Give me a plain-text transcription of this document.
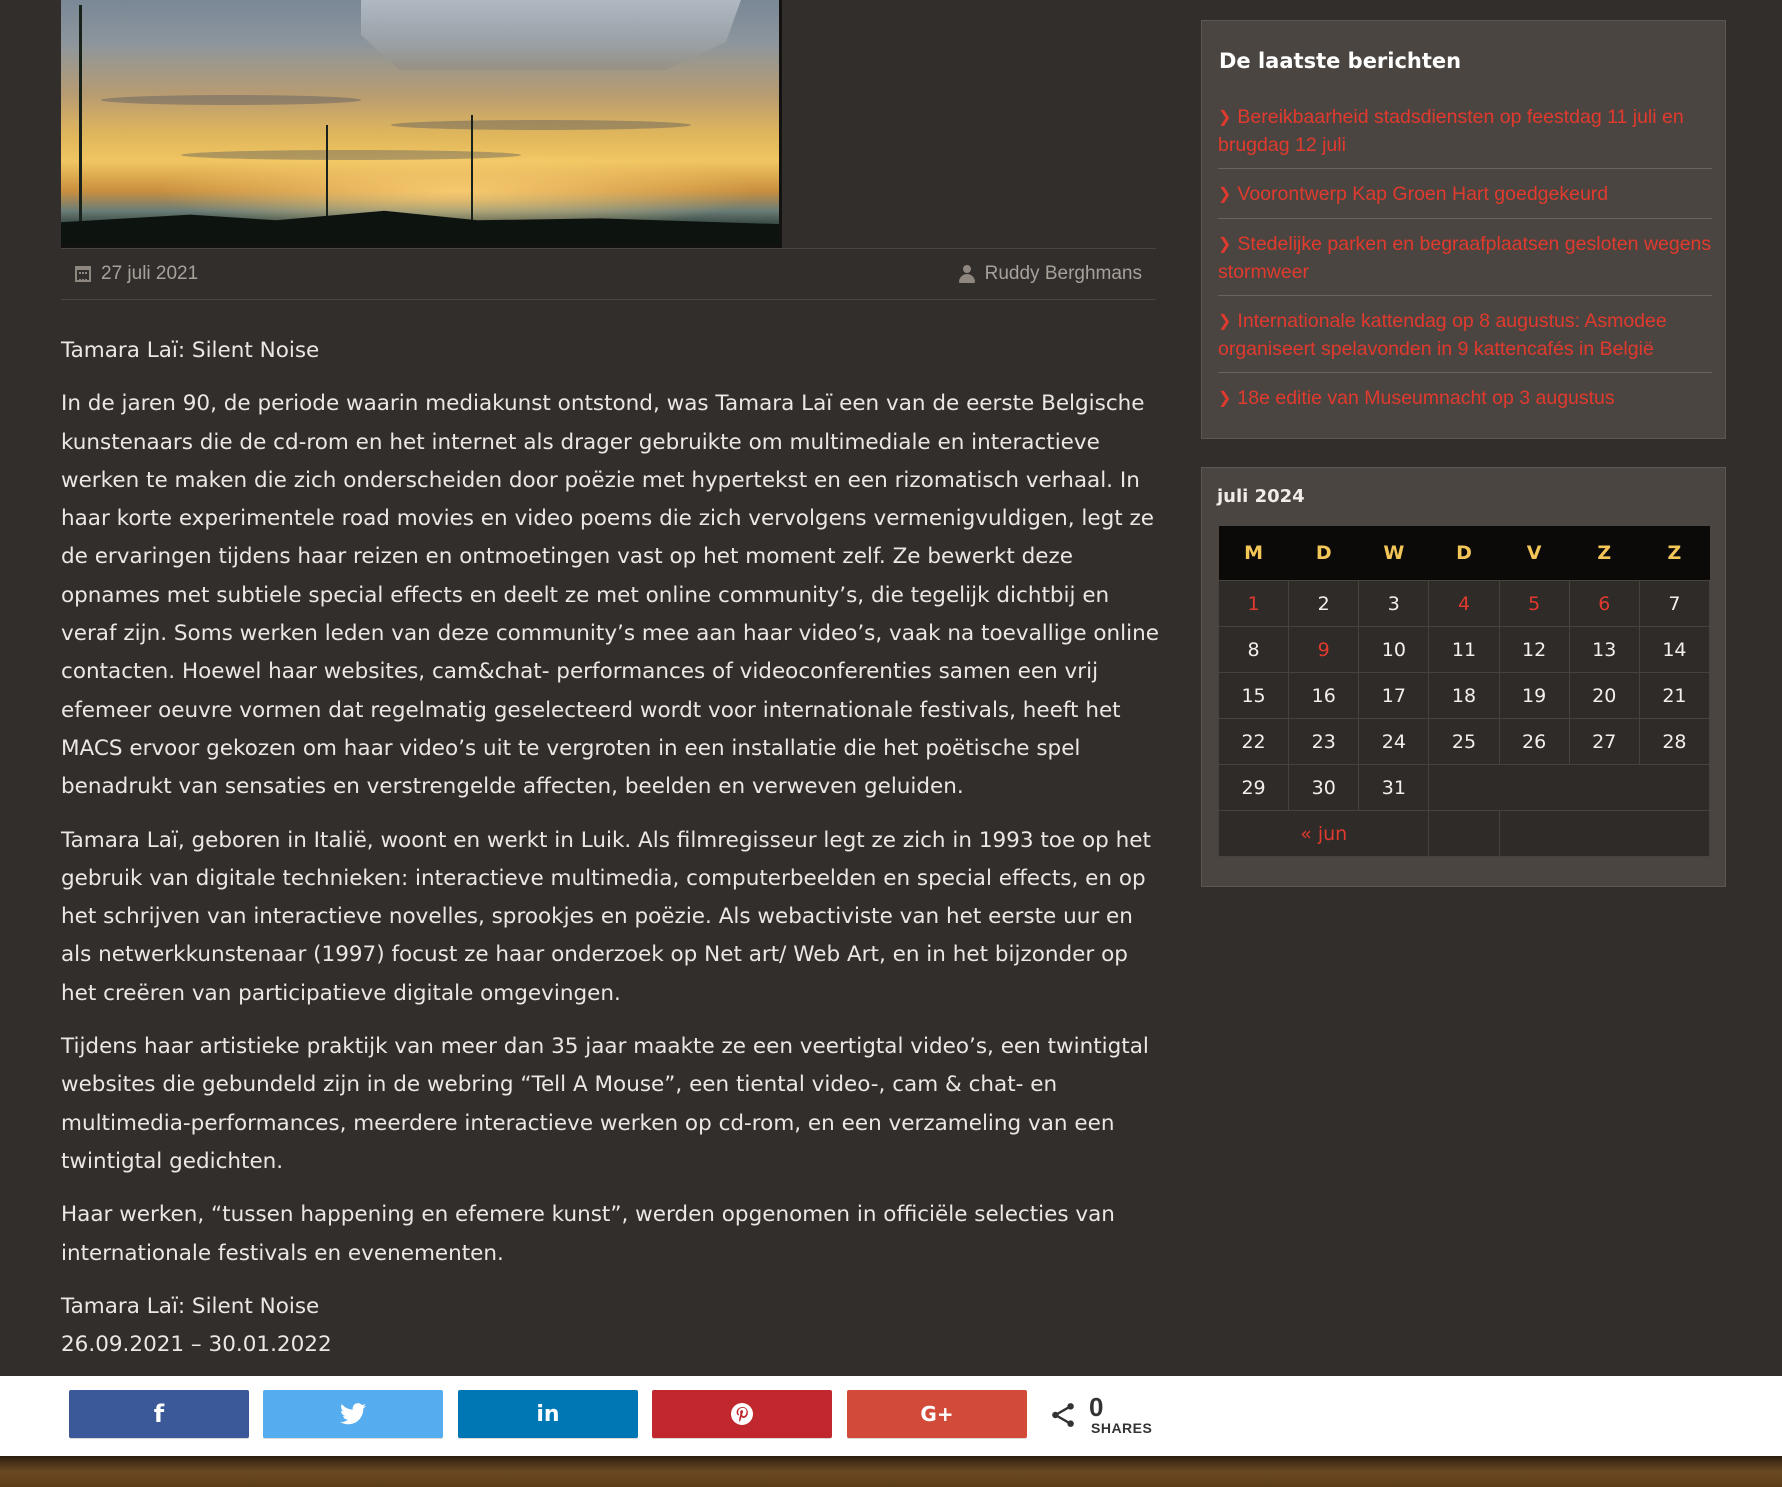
27 juli 2021	Ruddy Berghmans

Tamara Laï: Silent Noise

In de jaren 90, de periode waarin mediakunst ontstond, was Tamara Laï een van de eerste Belgische kunstenaars die de cd-rom en het internet als drager gebruikte om multimediale en interactieve werken te maken die zich onderscheiden door poëzie met hypertekst en een rizomatisch verhaal. In haar korte experimentele road movies en video poems die zich vervolgens vermenigvuldigen, legt ze de ervaringen tijdens haar reizen en ontmoetingen vast op het moment zelf. Ze bewerkt deze opnames met subtiele special effects en deelt ze met online community’s, die tegelijk dichtbij en veraf zijn. Soms werken leden van deze community’s mee aan haar video’s, vaak na toevallige online contacten. Hoewel haar websites, cam&chat- performances of videoconferenties samen een vrij efemeer oeuvre vormen dat regelmatig geselecteerd wordt voor internationale festivals, heeft het MACS ervoor gekozen om haar video’s uit te vergroten in een installatie die het poëtische spel benadrukt van sensaties en verstrengelde affecten, beelden en verweven geluiden.

Tamara Laï, geboren in Italië, woont en werkt in Luik. Als filmregisseur legt ze zich in 1993 toe op het gebruik van digitale technieken: interactieve multimedia, computerbeelden en special effects, en op het schrijven van interactieve novelles, sprookjes en poëzie. Als webactiviste van het eerste uur en als netwerkkunstenaar (1997) focust ze haar onderzoek op Net art/ Web Art, en in het bijzonder op het creëren van participatieve digitale omgevingen.

Tijdens haar artistieke praktijk van meer dan 35 jaar maakte ze een veertigtal video’s, een twintigtal websites die gebundeld zijn in de webring “Tell A Mouse”, een tiental video-, cam & chat- en multimedia-performances, meerdere interactieve werken op cd-rom, en een verzameling van een twintigtal gedichten.

Haar werken, “tussen happening en efemere kunst”, werden opgenomen in officiële selecties van internationale festivals en evenementen.

Tamara Laï: Silent Noise
26.09.2021 – 30.01.2022

De laatste berichten
❯ Bereikbaarheid stadsdiensten op feestdag 11 juli en brugdag 12 juli
❯ Voorontwerp Kap Groen Hart goedgekeurd
❯ Stedelijke parken en begraafplaatsen gesloten wegens stormweer
❯ Internationale kattendag op 8 augustus: Asmodee organiseert spelavonden in 9 kattencafés in België
❯ 18e editie van Museumnacht op 3 augustus
juli 2024
M	D	W	D	V	Z	Z
1	2	3	4	5	6	7
8	9	10	11	12	13	14
15	16	17	18	19	20	21
22	23	24	25	26	27	28
29	30	31				
« jun						
f	in	G+	0
SHARES
